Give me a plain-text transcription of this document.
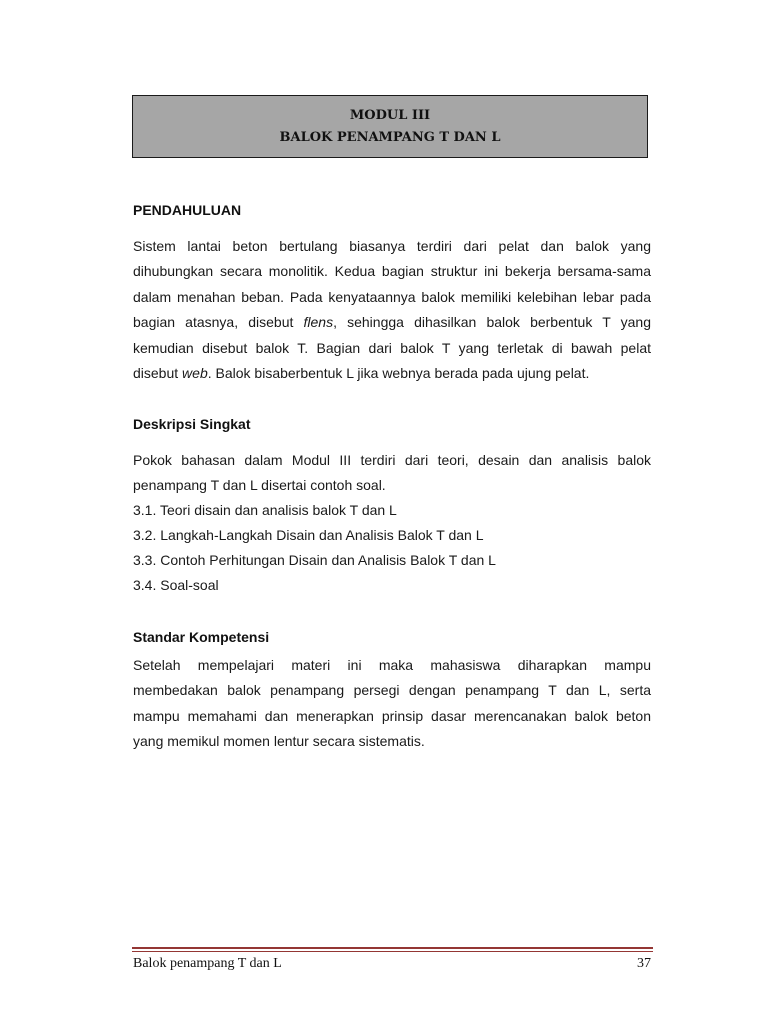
MODUL III
BALOK PENAMPANG T DAN L
PENDAHULUAN
Sistem lantai beton bertulang biasanya terdiri dari pelat dan balok yang
dihubungkan secara monolitik. Kedua bagian struktur ini bekerja bersama-sama
dalam menahan beban. Pada kenyataannya balok memiliki kelebihan lebar pada
bagian atasnya, disebut flens, sehingga dihasilkan balok berbentuk T yang
kemudian disebut balok T. Bagian dari balok T yang terletak di bawah pelat
disebut web. Balok bisaberbentuk L jika webnya berada pada ujung pelat.
Deskripsi Singkat
Pokok bahasan dalam Modul III terdiri dari teori, desain dan analisis balok
penampang T dan L disertai contoh soal.
3.1. Teori disain dan analisis balok T dan L
3.2. Langkah-Langkah Disain dan Analisis Balok T dan L
3.3. Contoh Perhitungan Disain dan Analisis Balok T dan L
3.4. Soal-soal
Standar Kompetensi
Setelah mempelajari materi ini maka mahasiswa diharapkan mampu
membedakan balok penampang persegi dengan penampang T dan L, serta
mampu memahami dan menerapkan prinsip dasar merencanakan balok beton
yang memikul momen lentur secara sistematis.
Balok penampang T dan L	37
